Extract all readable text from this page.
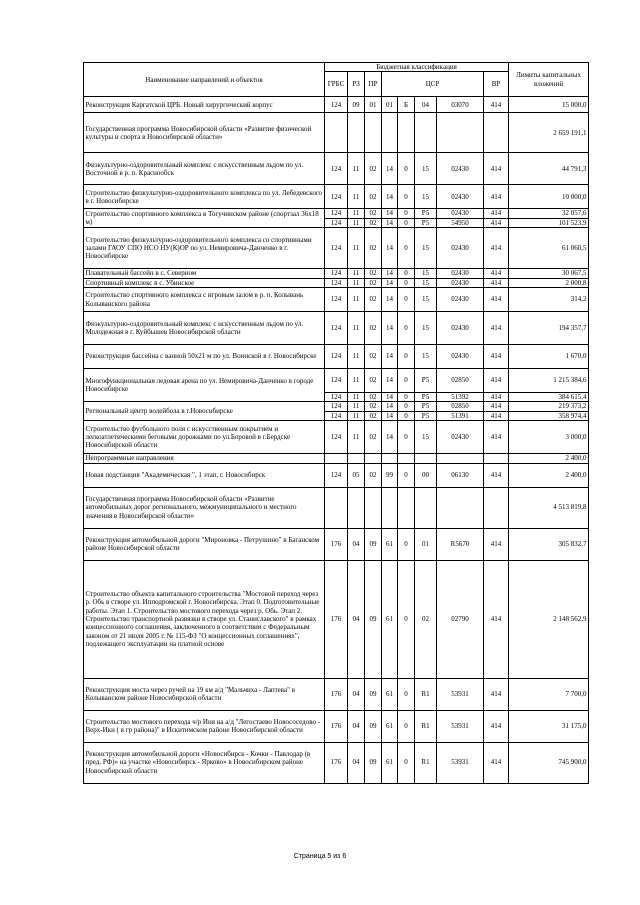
Наименование направлений и объектов	Бюджетная классификация								Лимиты капитальных вложений
	ГРБС	РЗ	ПР	ЦСР				ВР	
Реконструкция Каргатской ЦРБ. Новый хирургический корпус	124	09	01	01	Б	04	03070	414	15 000,0
Государственная программа Новосибирской области «Развитие физической культуры и спорта в Новосибирской области»									2 659 191,1
Физкультурно-оздоровительный комплекс с искусственным льдом по ул. Восточной в р. п. Краснообск	124	11	02	14	0	15	02430	414	44 791,3
Строительство физкультурно-оздоровительного комплекса по ул. Лебедевского в г. Новосибирске	124	11	02	14	0	15	02430	414	10 000,0
Строительство спортивного комплекса в Тогучинском районе (спортзал 36х18 м)	124	11	02	14	0	P5	02430	414	32 057,6
	124	11	02	14	0	P5	54950	414	101 523,9
Строительство физкультурно-оздоровительного комплекса со спортивными залами ГАОУ СПО НСО НУ(К)ОР по ул. Немировича-Данченко в г. Новосибирске	124	11	02	14	0	15	02430	414	61 060,5
Плавательный бассейн в с. Северном	124	11	02	14	0	15	02430	414	30 067,5
Спортивный комплекс в с. Убинское	124	11	02	14	0	15	02430	414	2 000,8
Строительство спортивного комплекса с игровым залом в р. п. Колывань Колыванского района	124	11	02	14	0	15	02430	414	314,2
Физкультурно-оздоровительный комплекс с искусственным льдом по ул. Молодежная в г. Куйбышев Новосибирской области	124	11	02	14	0	15	02430	414	194 357,7
Реконструкция бассейна с ванной 50х21 м по ул. Воинской в г. Новосибирске	124	11	02	14	0	15	02430	414	1 670,0
Многофункциональная ледовая арена по ул. Немировича-Данченко в городе Новосибирске	124	11	02	14	0	P5	02850	414	1 215 384,6
	124	11	02	14	0	P5	51392	414	384 615,4
Региональный центр волейбола в г.Новосибирске	124	11	02	14	0	P5	02850	414	219 373,2
	124	11	02	14	0	P5	51391	414	358 974,4
Строительство футбольного поля с искусственным покрытием и легкоатлетическими беговыми дорожками по ул.Боровой в г.Бердске Новосибирской области	124	11	02	14	0	15	02430	414	3 000,0
Непрограммные направления									2 400,0
Новая подстанция "Академическая ", 1 этап, г. Новосибирск	124	05	02	99	0	00	06130	414	2 400,0
Государственная программа Новосибирской области «Развитие автомобильных дорог регионального, межмуниципального и местного значения в Новосибирской области»									4 513 819,8
Реконструкция автомобильной дороги "Мироновка - Петрушино" в Баганском районе Новосибирской области	176	04	09	61	0	01	R5670	414	305 832,7
Строительство объекта капитального строительства "Мостовой переход через р. Обь в створе ул. Ипподромской г. Новосибирска. Этап 0. Подготовительные работы. Этап 1. Строительство мостового перехода через р. Обь. Этап 2. Строительство транспортной развязки в створе ул. Станиславского" в рамках концессионного соглашения, заключенного в соответствии с Федеральным законом от 21 июля 2005 г. № 115-ФЗ "О концессионных соглашениях", подлежащего эксплуатации на платной основе	176	04	09	61	0	02	02790	414	2 148 562,9
Реконструкция моста через ручей на 19 км а/д "Мальчиха - Лаптева" в Колыванском районе Новосибирской области	176	04	09	61	0	R1	53931	414	7 700,0
Строительство мостового перехода ч/р Иня на а/д "Легостаево Новососедово - Верх-Ики ( в гр района)" в Искитимском районе Новосибирской области	176	04	09	61	0	R1	53931	414	31 175,0
Реконструкция автомобильной дороги «Новосибирск - Кочки - Павлодар (в пред. РФ)» на участке «Новосибирск - Ярково» в Новосибирском районе Новосибирской области	176	04	09	61	0	R1	53931	414	745 900,0
Страница 5 из 6
